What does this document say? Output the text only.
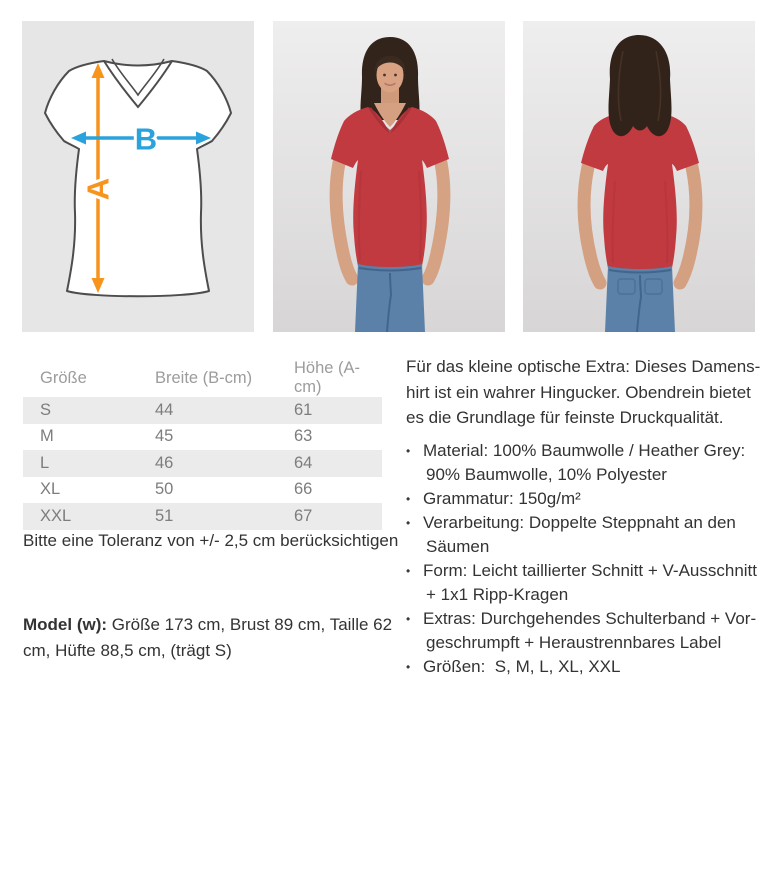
A
B
Größe	Breite (B-cm)	Höhe (A-cm)
S	44	61
M	45	63
L	46	64
XL	50	66
XXL	51	67
Bitte eine Toleranz von +/- 2,5 cm berücksichtigen
Model (w): Größe 173 cm, Brust 89 cm, Taille 62
cm, Hüfte 88,5 cm, (trägt S)
Für das kleine optische Extra: Dieses Damens-
hirt ist ein wahrer Hingucker. Obendrein bietet
es die Grundlage für feinste Druckqualität.
• Material: 100% Baumwolle / Heather Grey:
90% Baumwolle, 10% Polyester
• Grammatur: 150g/m²
• Verarbeitung: Doppelte Steppnaht an den
Säumen
• Form: Leicht taillierter Schnitt + V-Ausschnitt
+ 1x1 Ripp-Kragen
• Extras: Durchgehendes Schulterband + Vor-
geschrumpft + Heraustrennbares Label
• Größen:  S, M, L, XL, XXL
